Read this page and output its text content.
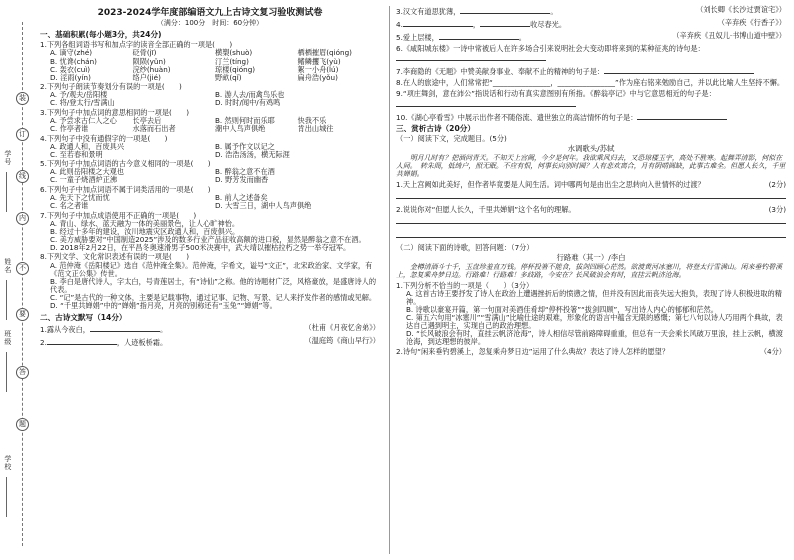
学号
姓名
班级
学校
装
订
线
内
不
要
答
题
2023-2024学年度部编语文九上古诗文复习验收测试卷
（满分：100分　时间：60分钟）
一、基础积累(每小题3分，共24分)
1.下列各组词语书写和加点字的读音全部正确的一项是(　　)
A. 谪守(zhé)	砭骨(jī)	横槊(shuò)	栖栖摧眉(qióng)
B. 忧谗(chán)	陨陨(yǔn)	汀兰(tíng)	鳍鳞攫飞(yù)
C. 轰衣(cuì)	浣纱(huàn)	琼楼(qióng)	絮一小舟(lú)
D. 淫雨(yín)	络户(jié)	野畝(qǐ)	扁舟浩(yǒu)
2.下列句子朗读节奏划分有误的一项是(　　)
A. 予/观夫/岳阳楼	B. 游人去/而禽鸟乐也
C. 将/登太行/雪满山	D. 时时/闻中/有鸡鸣
3.下列句子中加点词的意思相同的一项是(　　)
A. 予尝求古仁人之心	长亭去后	B. 然则何时而乐耶	快我不乐
C. 作亭者谁	水落而石出者	潮中人鸟声俱绝	肯出山城往
4.下列句子中没有通假字的一项是(　　)
A. 政通人和，百废具兴	B. 属予作文以记之
C. 至若春和景明	D. 浩浩汤汤，横无际涯
5.下列句子中加点词语的古今意义相同的一项是(　　)
A. 此则岳阳楼之大观也	B. 醉翁之意不在酒
C. 一童子烧酒炉正沸	D. 野芳发而幽香
6.下列句子中加点词语不属于词类活用的一项是(　　)
A. 先天下之忧而忧	B. 前人之述备矣
C. 名之者谁	D. 大雪三日，湖中人鸟声俱绝
7.下列句子中加点成语使用不正确的一项是(　　)
A. 青山、绿水、蓝天融为一体的美丽景色，让人心旷神怡。
B. 经过十多年的建设，汝川地震灾区政通人和，百废俱兴。
C. 美方威胁要对“中国制造2025”涉及的数多行业产品征收高额的进口税，显然是醉翁之意不在酒。
D. 2018年2月22日，在平昌冬奥速滑男子500米决赛中，武大靖以摧枯拉朽之势一举夺冠军。
8.下列文学、文化常识表述有误的一项是(　　)
A. 范仲淹《岳阳楼记》选自《范仲淹全集》。范仲淹，字希文，谥号“文正”，北宋政治家、文学家，有《范文正公集》传世。
B. 李白是唐代诗人，字太白，号青莲居士，有“诗仙”之称。他的诗题材广泛，风格豪放，是盛唐诗人的代表。
C. “记”是古代的一种文体，主要是记载事物，通过记事、记物、写景、记人来抒发作者的感情或见解。
D. “千里共婵娟”中的“婵娟”指月亮，月亮的别称还有“玉兔”“婵娟”等。
二、古诗文默写（14分）
1.露从今夜白，	。	（杜甫《月夜忆舍弟》）
2.	，人迹板桥霜。	（温庭筠《商山早行》）
3.汉文有道思犹薄，	。	（刘长卿《长沙过贾谊宅》）
4.	，	收尽春光。	（辛弃疾《行香子》）
5.爱上层楼，	。	（辛弃疾《丑奴儿·书博山道中壁》）
6.《咸阳城东楼》一诗中常被后人在许多场合引来说明社会大变动即将来到的某种征兆的诗句是：
7.李商隐的《无题》中赞美献身事业、奉献不止的精神的句子是：
8.在人的旅途中，人们常常把“________________，________________”作为座右铭来勉励自己，并以此比喻人生坚持不懈。
9.“项庄舞剑，意在沛公”指说话和行动有真实意图别有所指。《醉翁亭记》中与它意思相近的句子是：
10.《湖心亭看雪》中展示出作者不随俗流、遗世独立的高洁情怀的句子是：
三、赏析古诗（20分）
（一）阅读下文，完成题目。(5分)
水调歌头/苏轼
明月几时有？把酒问青天。不知天上宫阙，今夕是何年。我欲乘风归去，又恐琼楼玉宇，高处不胜寒。起舞弄清影，何似在人间。　转朱阁，低绮户，照无眠。不应有恨，何事长向别时圆？人有悲欢离合，月有阴晴圆缺，此事古难全。但愿人长久，千里共婵娟。
1.天上宫阙如此美好，但作者毕竟要是人间生活。词中哪两句是由出尘之思转向入世情怀的过渡？	(2分)
2.说说你对“但愿人长久，千里共婵娟”这个名句的理解。	(3分)

（二）阅读下面的诗歌，回答问题：（7分）
行路难（其一）/李白
金樽清酒斗十千，玉盘珍羞直万钱。停杯投箸不能食，拔剑四顾心茫然。欲渡黄河冰塞川，将登太行雪满山。闲来垂钓碧溪上，忽复乘舟梦日边。行路难！行路难！多歧路，今安在？长风破浪会有时，直挂云帆济沧海。
1.下列分析不恰当的一项是（　　）（3分）
A. 这首古诗王要抒发了诗人在政治上遭遇挫折后的愤懑之情，但并没有因此而丧失远大抱负，表现了诗人积极进取的精神。
B. 诗歌以豪宴开篇，第一句面对美酒佳肴却“停杯投箸”“拔剑四顾”，写出诗人内心的郁郁和茫然。
C. 第五六句用“冰塞川”“雪满山”比喻仕途的艰难，形象化的语言中蕴含无限的感慨；第七八句以诗人巧用两个典故，表达自己遇到明主，实现自己的政治理想。
D. “长风破浪会有时，直挂云帆济沧海”，诗人相信尽管前路障碍重重，但总有一天会乘长风破万里浪，挂上云帆，横渡沧海，到达理想的彼岸。
2.诗句“闲来垂钓碧溪上，忽复乘舟梦日边”运用了什么典故？表达了诗人怎样的愿望？	（4分）
